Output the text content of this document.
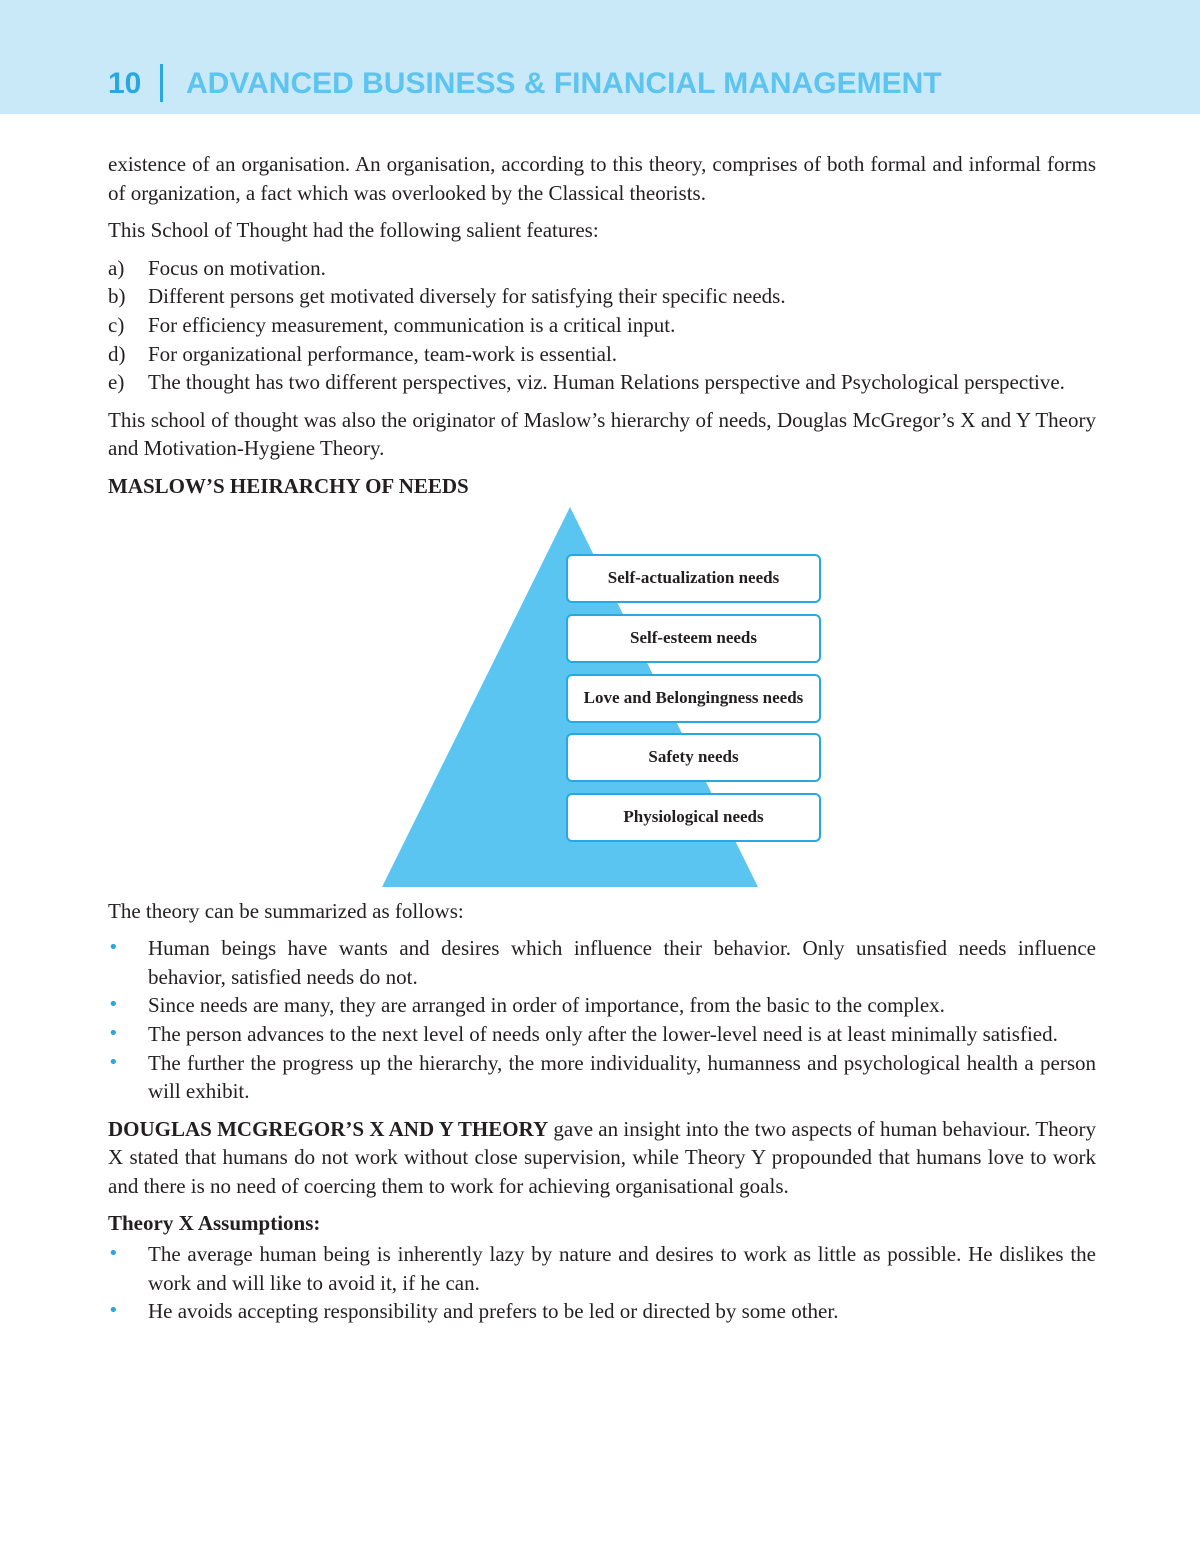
10 ADVANCED BUSINESS & FINANCIAL MANAGEMENT

existence of an organisation. An organisation, according to this theory, comprises of both formal and informal forms of organization, a fact which was overlooked by the Classical theorists.

This School of Thought had the following salient features:

a)	Focus on motivation.
b)	Different persons get motivated diversely for satisfying their specific needs.
c)	For efficiency measurement, communication is a critical input.
d)	For organizational performance, team-work is essential.
e)	The thought has two different perspectives, viz. Human Relations perspective and Psychological perspective.

This school of thought was also the originator of Maslow’s hierarchy of needs, Douglas McGregor’s X and Y Theory and Motivation-Hygiene Theory.

MASLOW’S HEIRARCHY OF NEEDS

Self-actualization needs
Self-esteem needs
Love and Belongingness needs
Safety needs
Physiological needs

The theory can be summarized as follows:

•	Human beings have wants and desires which influence their behavior. Only unsatisfied needs influence behavior, satisfied needs do not.
•	Since needs are many, they are arranged in order of importance, from the basic to the complex.
•	The person advances to the next level of needs only after the lower-level need is at least minimally satisfied.
•	The further the progress up the hierarchy, the more individuality, humanness and psychological health a person will exhibit.

DOUGLAS MCGREGOR’S X AND Y THEORY gave an insight into the two aspects of human behaviour. Theory X stated that humans do not work without close supervision, while Theory Y propounded that humans love to work and there is no need of coercing them to work for achieving organisational goals.

Theory X Assumptions:

•	The average human being is inherently lazy by nature and desires to work as little as possible. He dislikes the work and will like to avoid it, if he can.
•	He avoids accepting responsibility and prefers to be led or directed by some other.
